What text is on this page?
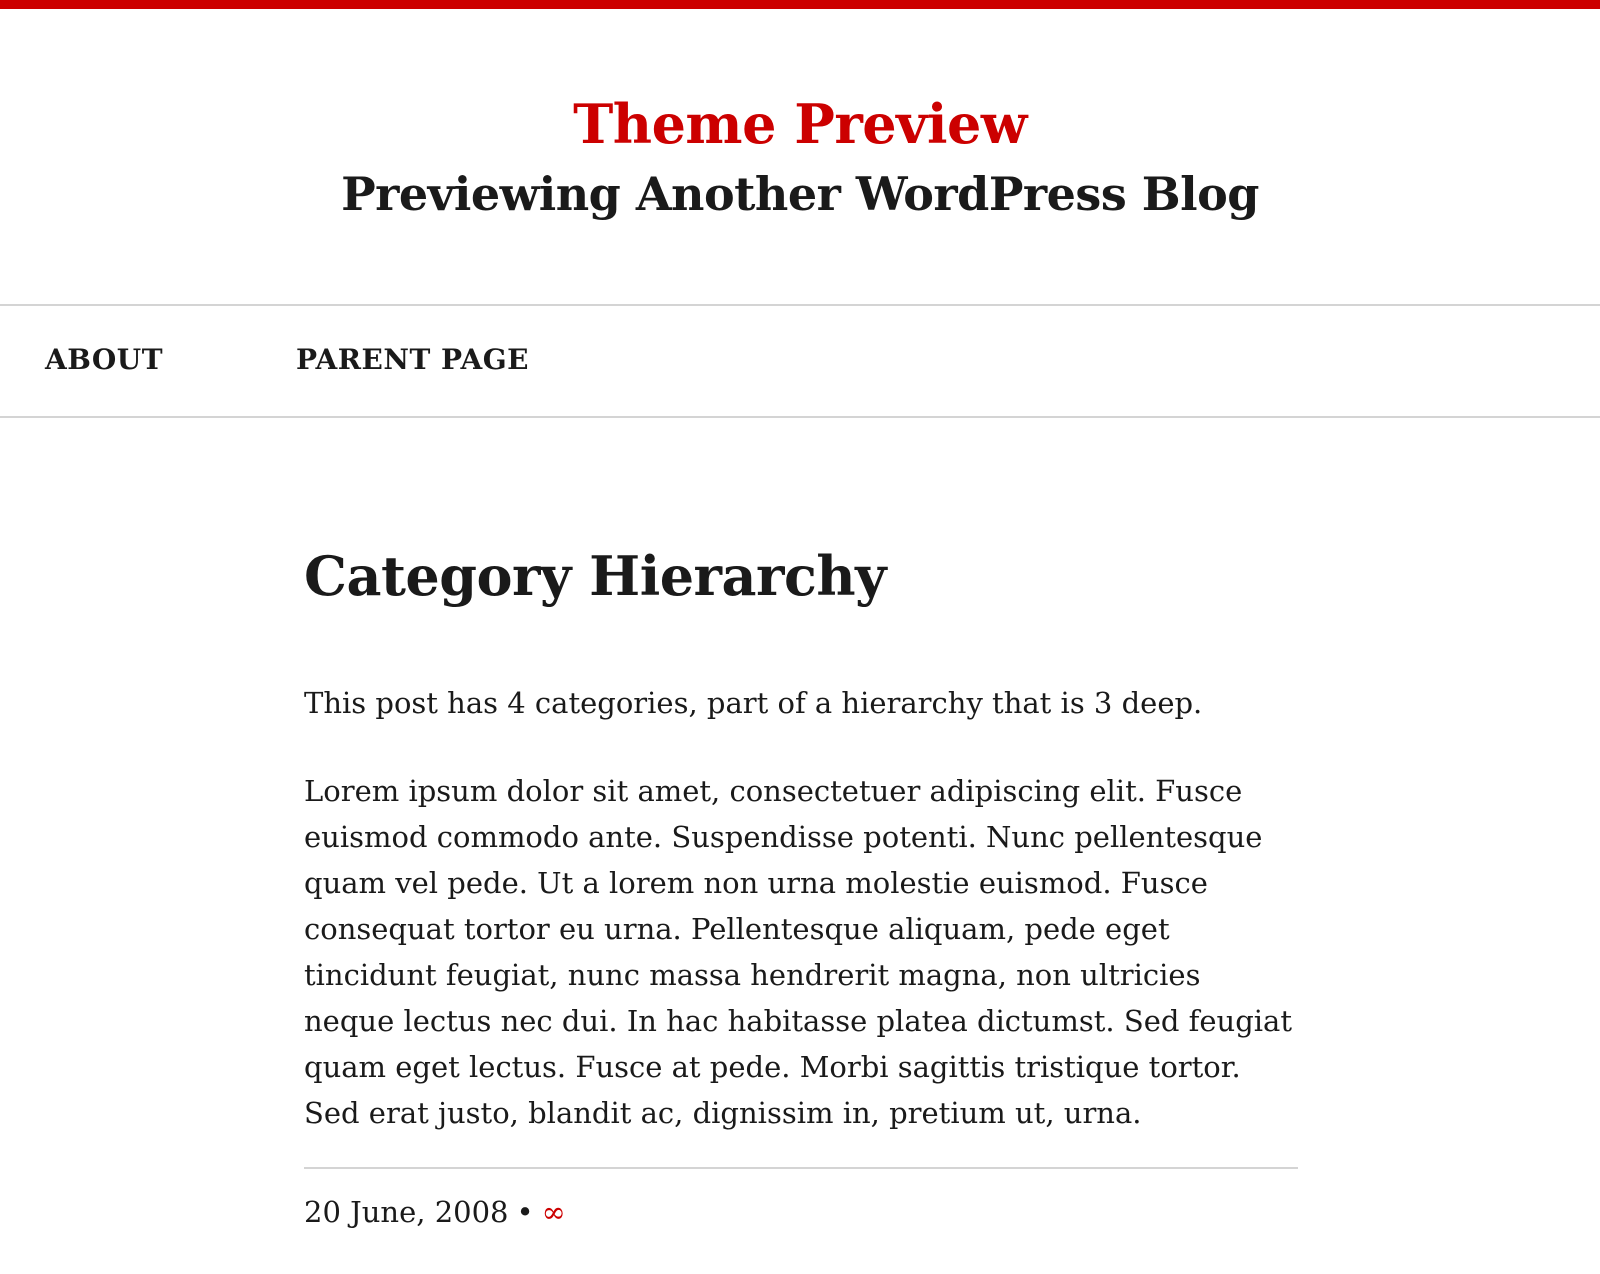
Theme Preview
Previewing Another WordPress Blog
ABOUT	PARENT PAGE
Category Hierarchy

This post has 4 categories, part of a hierarchy that is 3 deep.

Lorem ipsum dolor sit amet, consectetuer adipiscing elit. Fusce euismod commodo ante. Suspendisse potenti. Nunc pellentesque quam vel pede. Ut a lorem non urna molestie euismod. Fusce consequat tortor eu urna. Pellentesque aliquam, pede eget tincidunt feugiat, nunc massa hendrerit magna, non ultricies neque lectus nec dui. In hac habitasse platea dictumst. Sed feugiat quam eget lectus. Fusce at pede. Morbi sagittis tristique tortor. Sed erat justo, blandit ac, dignissim in, pretium ut, urna.

20 June, 2008 • ∞
